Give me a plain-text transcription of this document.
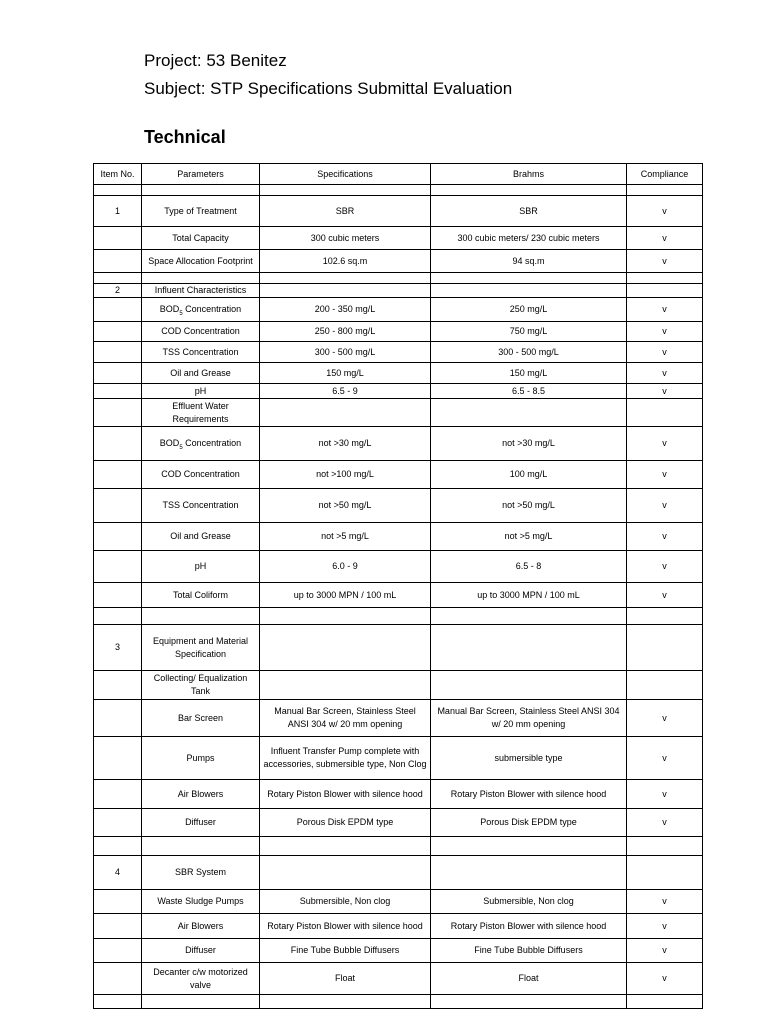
Project: 53 Benitez
Subject: STP Specifications Submittal Evaluation
Technical
Item No.	Parameters	Specifications	Brahms	Compliance

1	Type of Treatment	SBR	SBR	v
	Total Capacity	300 cubic meters	300 cubic meters/ 230 cubic meters	v
	Space Allocation Footprint	102.6 sq.m	94 sq.m	v

2	Influent Characteristics			
	$BOD_5$ Concentration	200 - 350 mg/L	250 mg/L	v
	COD Concentration	250 - 800 mg/L	750 mg/L	v
	TSS Concentration	300 - 500 mg/L	300 - 500 mg/L	v
	Oil and Grease	150 mg/L	150 mg/L	v
	pH	6.5 - 9	6.5 - 8.5	v
	Effluent Water Requirements			
	$BOD_5$ Concentration	not >30 mg/L	not >30 mg/L	v
	COD Concentration	not >100 mg/L	100 mg/L	v
	TSS Concentration	not >50 mg/L	not >50 mg/L	v
	Oil and Grease	not >5 mg/L	not >5 mg/L	v
	pH	6.0 - 9	6.5 - 8	v
	Total Coliform	up to 3000 MPN / 100 mL	up to 3000 MPN / 100 mL	v

3	Equipment and Material Specification			
	Collecting/ Equalization Tank			
	Bar Screen	Manual Bar Screen, Stainless Steel ANSI 304 w/ 20 mm opening	Manual Bar Screen, Stainless Steel ANSI 304 w/ 20 mm opening	v
	Pumps	Influent Transfer Pump complete with accessories, submersible type, Non Clog	submersible type	v
	Air Blowers	Rotary Piston Blower with silence hood	Rotary Piston Blower with silence hood	v
	Diffuser	Porous Disk EPDM type	Porous Disk EPDM type	v

4	SBR System			
	Waste Sludge Pumps	Submersible, Non clog	Submersible, Non clog	v
	Air Blowers	Rotary Piston Blower with silence hood	Rotary Piston Blower with silence hood	v
	Diffuser	Fine Tube Bubble Diffusers	Fine Tube Bubble Diffusers	v
	Decanter c/w motorized valve	Float	Float	v
